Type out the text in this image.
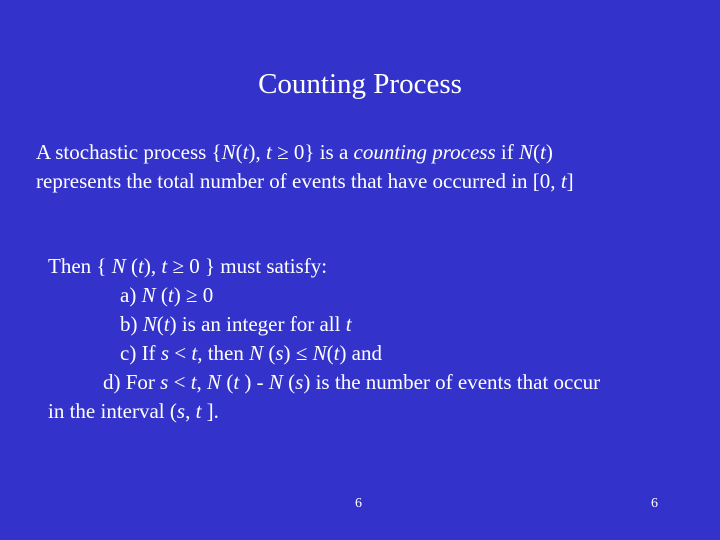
Counting Process
A stochastic process {N(t), t ≥ 0} is a counting process if N(t)
represents the total number of events that have occurred in [0, t]
Then { N (t), t ≥ 0 } must satisfy:
a) N (t) ≥ 0
b) N(t) is an integer for all t
c) If s < t, then N (s) ≤ N(t) and
d) For s < t, N (t ) - N (s) is the number of events that occur
in the interval (s, t ].
6	6
